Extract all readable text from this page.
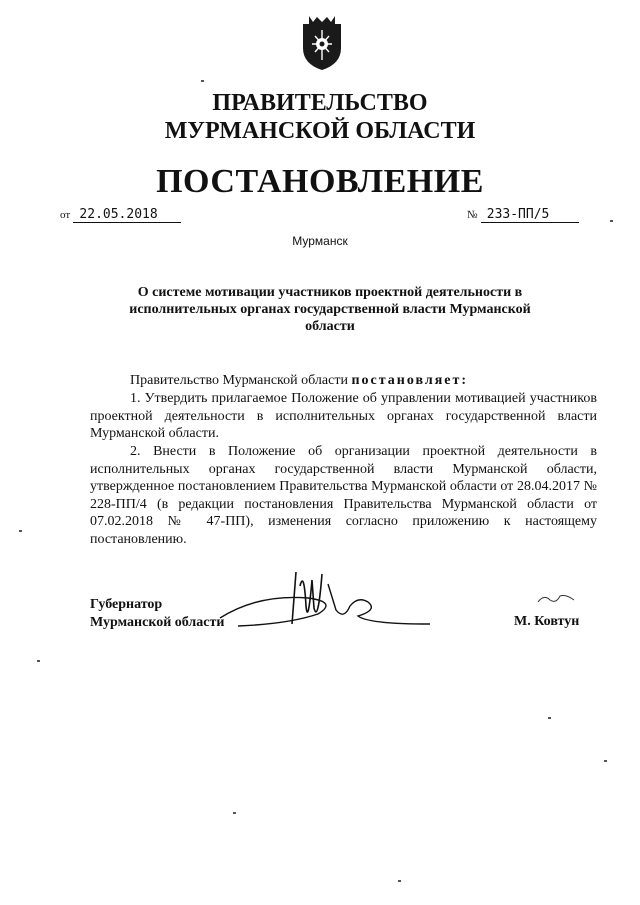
ПРАВИТЕЛЬСТВО
МУРМАНСКОЙ ОБЛАСТИ
ПОСТАНОВЛЕНИЕ
от 22.05.2018	№ 233-ПП/5
Мурманск
О системе мотивации участников проектной деятельности в исполнительных органах государственной власти Мурманской области
Правительство Мурманской области постановляет:
1. Утвердить прилагаемое Положение об управлении мотивацией участников проектной деятельности в исполнительных органах государственной власти Мурманской области.
2. Внести в Положение об организации проектной деятельности в исполнительных органах государственной власти Мурманской области, утвержденное постановлением Правительства Мурманской области от 28.04.2017 № 228-ПП/4 (в редакции постановления Правительства Мурманской области от 07.02.2018 № 47-ПП), изменения согласно приложению к настоящему постановлению.
Губернатор
Мурманской области	М. Ковтун
